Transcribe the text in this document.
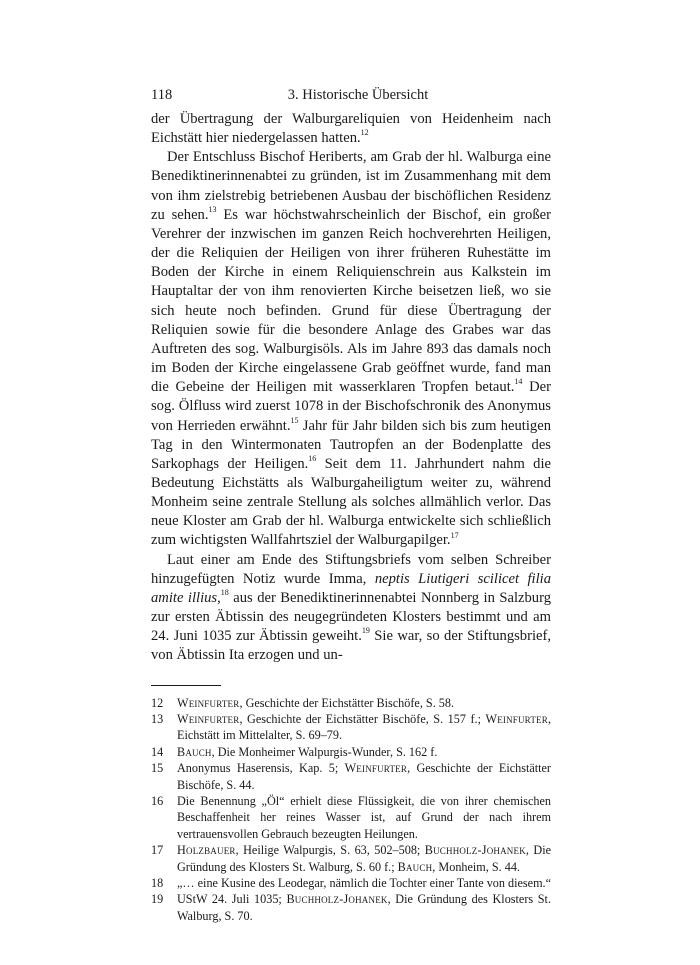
118	3. Historische Übersicht

der Übertragung der Walburgareliquien von Heidenheim nach Eichstätt hier niedergelassen hatten.$^{12}$

Der Entschluss Bischof Heriberts, am Grab der hl. Walburga eine Benediktinerinnenabtei zu gründen, ist im Zusammenhang mit dem von ihm zielstrebig betriebenen Ausbau der bischöflichen Residenz zu sehen.$^{13}$ Es war höchstwahrscheinlich der Bischof, ein großer Verehrer der inzwischen im ganzen Reich hochverehrten Heiligen, der die Reliquien der Heiligen von ihrer früheren Ruhestätte im Boden der Kirche in einem Reliquienschrein aus Kalkstein im Hauptaltar der von ihm renovierten Kirche beisetzen ließ, wo sie sich heute noch befinden. Grund für diese Übertragung der Reliquien sowie für die besondere Anlage des Grabes war das Auftreten des sog. Walburgisöls. Als im Jahre 893 das damals noch im Boden der Kirche eingelassene Grab geöffnet wurde, fand man die Gebeine der Heiligen mit wasserklaren Tropfen betaut.$^{14}$ Der sog. Ölfluss wird zuerst 1078 in der Bischofschronik des Anonymus von Herrieden erwähnt.$^{15}$ Jahr für Jahr bilden sich bis zum heutigen Tag in den Wintermonaten Tautropfen an der Bodenplatte des Sarkophags der Heiligen.$^{16}$ Seit dem 11. Jahrhundert nahm die Bedeutung Eichstätts als Walburgaheiligtum weiter zu, während Monheim seine zentrale Stellung als solches allmählich verlor. Das neue Kloster am Grab der hl. Walburga entwickelte sich schließlich zum wichtigsten Wallfahrtsziel der Walburgapilger.$^{17}$

Laut einer am Ende des Stiftungsbriefs vom selben Schreiber hinzugefügten Notiz wurde Imma, neptis Liutigeri scilicet filia amite illius,$^{18}$ aus der Benediktinerinnenabtei Nonnberg in Salzburg zur ersten Äbtissin des neugegründeten Klosters bestimmt und am 24. Juni 1035 zur Äbtissin geweiht.$^{19}$ Sie war, so der Stiftungsbrief, von Äbtissin Ita erzogen und un-

12	Weinfurter, Geschichte der Eichstätter Bischöfe, S. 58.
13	Weinfurter, Geschichte der Eichstätter Bischöfe, S. 157 f.; Weinfurter, Eichstätt im Mittelalter, S. 69–79.
14	Bauch, Die Monheimer Walpurgis-Wunder, S. 162 f.
15	Anonymus Haserensis, Kap. 5; Weinfurter, Geschichte der Eichstätter Bischöfe, S. 44.
16	Die Benennung „Öl“ erhielt diese Flüssigkeit, die von ihrer chemischen Beschaffenheit her reines Wasser ist, auf Grund der nach ihrem vertrauensvollen Gebrauch bezeugten Heilungen.
17	Holzbauer, Heilige Walpurgis, S. 63, 502–508; Buchholz-Johanek, Die Gründung des Klosters St. Walburg, S. 60 f.; Bauch, Monheim, S. 44.
18	„… eine Kusine des Leodegar, nämlich die Tochter einer Tante von diesem.“
19	UStW 24. Juli 1035; Buchholz-Johanek, Die Gründung des Klosters St. Walburg, S. 70.
